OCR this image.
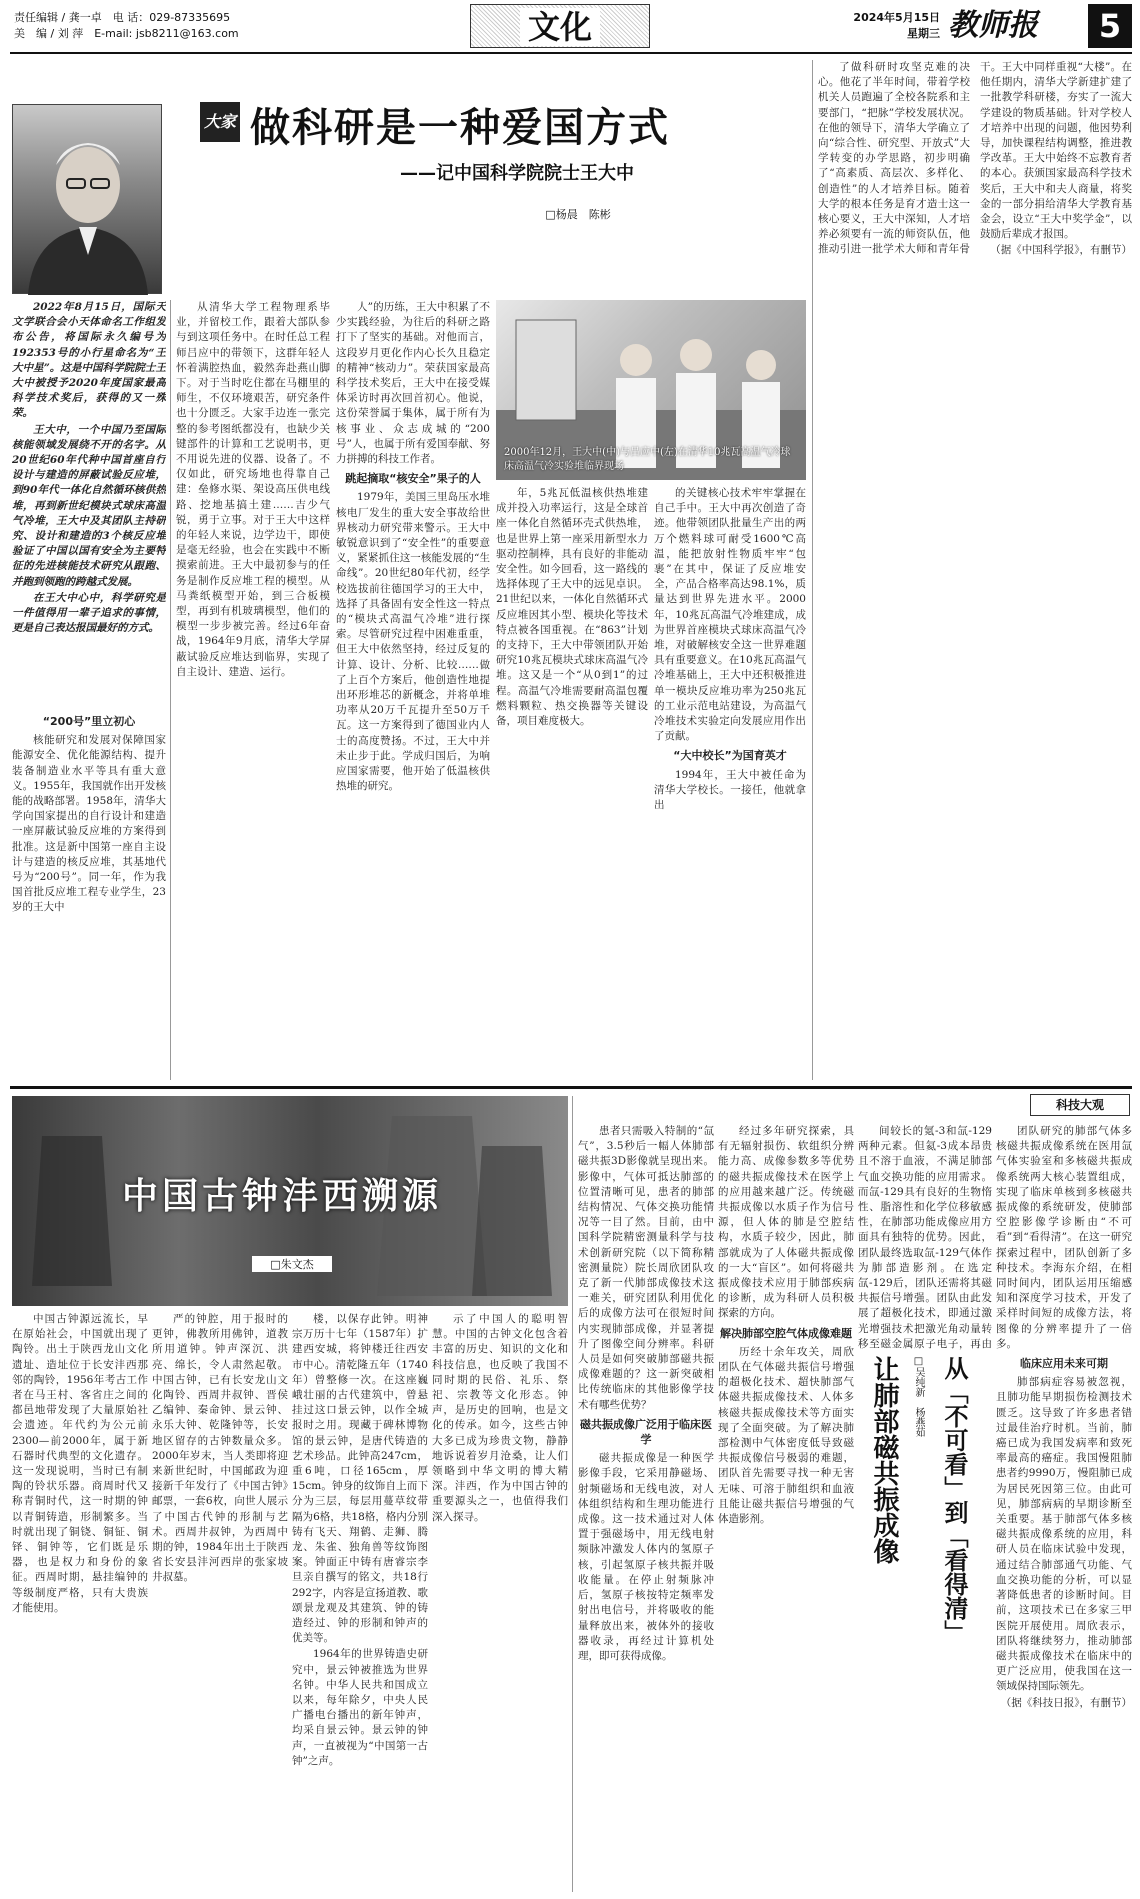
责任编辑 / 龚一卓　电 话：029-87335695
美　编 / 刘 萍　E-mail: jsb8211@163.com	文化	2024年5月15日
星期三 教师报	5
大家 做科研是一种爱国方式
——记中国科学院院士王大中
□杨晨　陈彬

2022年8月15日，国际天文学联合会小天体命名工作组发布公告，将国际永久编号为192353号的小行星命名为“王大中星”。这是中国科学院院士王大中被授予2020年度国家最高科学技术奖后，获得的又一殊荣。

王大中，一个中国乃至国际核能领域发展绕不开的名字。从20世纪60年代种中国首座自行设计与建造的屏蔽试验反应堆，到90年代一体化自然循环核供热堆，再到新世纪模块式球床高温气冷堆，王大中及其团队主持研究、设计和建造的3个核反应堆验证了中国以国有安全为主要特征的先进核能技术研究从跟跑、并跑到领跑的跨越式发展。

在王大中心中，科学研究是一件值得用一辈子追求的事情，更是自己表达报国最好的方式。

“200号”里立初心

核能研究和发展对保障国家能源安全、优化能源结构、提升装备制造业水平等具有重大意义。1955年，我国就作出开发核能的战略部署。1958年，清华大学向国家提出的自行设计和建造一座屏蔽试验反应堆的方案得到批准。这是新中国第一座自主设计与建造的核反应堆，其基地代号为“200号”。同一年，作为我国首批反应堆工程专业学生，23岁的王大中

从清华大学工程物理系毕业，并留校工作，跟着大部队参与到这项任务中。在时任总工程师吕应中的带领下，这群年轻人怀着满腔热血，毅然奔赴燕山脚下。对于当时吃住都在马棚里的师生，不仅环境艰苦，研究条件也十分匮乏。大家手边连一张完整的参考图纸都没有，也缺少关键部件的计算和工艺说明书，更不用说先进的仪器、设备了。不仅如此，研究场地也得靠自己建：垒修水渠、架设高压供电线路、挖地基搞土建……吉少气锐，勇于立事。对于王大中这样的年轻人来说，边学边干，即使是毫无经验，也会在实践中不断摸索前进。王大中最初参与的任务是制作反应堆工程的模型。从马粪纸模型开始，到三合板模型，再到有机玻璃模型，他们的模型一步步被完善。经过6年奋战，1964年9月底，清华大学屏蔽试验反应堆达到临界，实现了自主设计、建造、运行。

人”的历练，王大中积累了不少实践经验，为往后的科研之路打下了坚实的基础。对他而言，这段岁月更化作内心长久且稳定的精神“核动力”。荣获国家最高科学技术奖后，王大中在接受媒体采访时再次回首初心。他说，这份荣誉属于集体，属于所有为核事业、众志成城的“200号”人，也属于所有爱国奉献、努力拼搏的科技工作者。

跳起摘取“核安全”果子的人

1979年，美国三里岛压水堆核电厂发生的重大安全事故给世界核动力研究带来警示。王大中敏锐意识到了“安全性”的重要意义，紧紧抓住这一核能发展的“生命线”。20世纪80年代初，经学校选拔前往德国学习的王大中，选择了具备固有安全性这一特点的“模块式高温气冷堆”进行探索。尽管研究过程中困难重重，但王大中依然坚持，经过反复的计算、设计、分析、比较……做了上百个方案后，他创造性地提出环形堆芯的新概念，并将单堆功率从20万千瓦提升至50万千瓦。这一方案得到了德国业内人士的高度赞扬。不过，王大中并未止步于此。学成归国后，为响应国家需要，他开始了低温核供热堆的研究。

2000年12月，王大中(中)与吕应中(左)在清华10兆瓦高温气冷球床高温气冷实验堆临界现场

年，5兆瓦低温核供热堆建成并投入功率运行，这是全球首座一体化自然循环壳式供热堆，也是世界上第一座采用新型水力驱动控制棒，具有良好的非能动安全性。如今回看，这一路线的选择体现了王大中的远见卓识。21世纪以来，一体化自然循环式反应堆因其小型、模块化等技术特点被各国重视。在“863”计划的支持下，王大中带领团队开始研究10兆瓦模块式球床高温气冷堆。这又是一个“从0到1”的过程。高温气冷堆需要耐高温包覆燃料颗粒、热交换器等关键设备，项目难度极大。

的关键核心技术牢牢掌握在自己手中。王大中再次创造了奇迹。他带领团队批量生产出的两万个燃料球可耐受1600℃高温，能把放射性物质牢牢“包裹”在其中，保证了反应堆安全，产品合格率高达98.1%，质量达到世界先进水平。2000年，10兆瓦高温气冷堆建成，成为世界首座模块式球床高温气冷堆，对破解核安全这一世界难题具有重要意义。在10兆瓦高温气冷堆基础上，王大中还积极推进单一模块反应堆功率为250兆瓦的工业示范电站建设，为高温气冷堆技术实验定向发展应用作出了贡献。

“大中校长”为国育英才

1994年，王大中被任命为清华大学校长。一接任，他就拿出

了做科研时攻坚克难的决心。他花了半年时间，带着学校机关人员跑遍了全校各院系和主要部门，“把脉”学校发展状况。在他的领导下，清华大学确立了向“综合性、研究型、开放式”大学转变的办学思路，初步明确了“高素质、高层次、多样化、创造性”的人才培养目标。随着大学的根本任务是育才造士这一核心要义，王大中深知，人才培养必须要有一流的师资队伍，他推动引进一批学术大师和青年骨干。王大中同样重视“大楼”。在他任期内，清华大学新建扩建了一批教学科研楼，夯实了一流大学建设的物质基础。针对学校人才培养中出现的问题，他因势利导，加快课程结构调整，推进教学改革。王大中始终不忘教育者的本心。获颁国家最高科学技术奖后，王大中和夫人商量，将奖金的一部分捐给清华大学教育基金会，设立“王大中奖学金”，以鼓励后辈成才报国。

（据《中国科学报》，有删节）

中国古钟沣西溯源
□朱文杰

中国古钟源远流长，早在原始社会，中国就出现了陶铃。出土于陕西龙山文化遗址、造址位于长安沣西那邻的陶铃，1956年考古工作者在马王村、客省庄之间的都邑地带发现了大量原始社会遗迹。年代约为公元前2300—前2000年，属于新石器时代典型的文化遗存。这一发现说明，当时已有制陶的铃状乐器。商周时代又称青铜时代，这一时期的钟以青铜铸造，形制繁多。当时就出现了铜铙、铜钲、铜铎、铜钟等，它们既是乐器，也是权力和身份的象征。西周时期，悬挂编钟的等级制度严格，只有大贵族才能使用。

严的钟腔，用于报时的更钟，佛教所用佛钟，道教所用道钟。钟声深沉、洪亮、绵长，令人肃然起敬。中国古钟，已有长安龙山文化陶铃、西周井叔钟、晋侯乙编钟、秦命钟、景云钟、永乐大钟、乾隆钟等，长安地区留存的古钟数量众多。2000年岁末，当人类即将迎来新世纪时，中国邮政为迎接新千年发行了《中国古钟》邮票，一套6枚，向世人展示了中国古代钟的形制与艺术。西周井叔钟，为西周中期的钟，1984年出土于陕西省长安县沣河西岸的张家坡井叔墓。

楼，以保存此钟。明神宗万历十七年（1587年）扩建西安城，将钟楼迁往西安市中心。清乾隆五年（1740年）曾整修一次。在这座巍峨壮丽的古代建筑中，曾悬挂过这口景云钟，以作全城报时之用。现藏于碑林博物馆的景云钟，是唐代铸造的艺术珍品。此钟高247cm，重6吨，口径165cm，厚15cm。钟身的纹饰自上而下分为三层，每层用蔓草纹带隔为6格，共18格，格内分别铸有飞天、翔鹤、走狮、腾龙、朱雀、独角兽等纹饰图案。钟面正中铸有唐睿宗李旦亲自撰写的铭文，共18行292字，内容是宣扬道教、歌颂景龙观及其建筑、钟的铸造经过、钟的形制和钟声的优美等。

1964年的世界铸造史研究中，景云钟被推选为世界名钟。中华人民共和国成立以来，每年除夕，中央人民广播电台播出的新年钟声，均采自景云钟。景云钟的钟声，一直被视为“中国第一古钟”之声。

示了中国人的聪明智慧。中国的古钟文化包含着丰富的历史、知识的文化和科技信息，也反映了我国不同时期的民俗、礼乐、祭祀、宗教等文化形态。钟声，是历史的回响，也是文化的传承。如今，这些古钟大多已成为珍贵文物，静静地诉说着岁月沧桑，让人们领略到中华文明的博大精深。沣西，作为中国古钟的重要源头之一，也值得我们深入探寻。

科技大观

患者只需吸入特制的“氙气”，3.5秒后一幅人体肺部磁共振3D影像就呈现出来。影像中，气体可抵达肺部的位置清晰可见，患者的肺部结构情况、气体交换功能情况等一目了然。目前，由中国科学院精密测量科学与技术创新研究院（以下简称精密测量院）院长周欣团队攻克了新一代肺部成像技术这一难关，研究团队利用优化后的成像方法可在很短时间内实现肺部成像，并显著提升了图像空间分辨率。科研人员是如何突破肺部磁共振成像难题的？这一新突破相比传统临床的其他影像学技术有哪些优势？

磁共振成像广泛用于临床医学

磁共振成像是一种医学影像手段，它采用静磁场、射频磁场和无线电波，对人体组织结构和生理功能进行成像。这一技术通过对人体置于强磁场中，用无线电射频脉冲激发人体内的氢原子核，引起氢原子核共振并吸收能量。在停止射频脉冲后，氢原子核按特定频率发射出电信号，并将吸收的能量释放出来，被体外的接收器收录，再经过计算机处理，即可获得成像。

经过多年研究探索，具有无辐射损伤、软组织分辨能力高、成像参数多等优势的磁共振成像技术在医学上的应用越来越广泛。传统磁共振成像以水质子作为信号源，但人体的肺是空腔结构，水质子较少，因此，肺部就成为了人体磁共振成像的一大“盲区”。如何将磁共振成像技术应用于肺部疾病的诊断，成为科研人员积极探索的方向。

解决肺部空腔气体成像难题

历经十余年攻关，周欣团队在气体磁共振信号增强的超极化技术、超快肺部气体磁共振成像技术、人体多核磁共振成像技术等方面实现了全面突破。为了解决肺部检测中气体密度低导致磁共振成像信号极弱的难题，团队首先需要寻找一种无害无味、可溶于肺组织和血液且能让磁共振信号增强的气体造影剂。

间较长的氪-3和氙-129两种元素。但氦-3成本昂贵且不溶于血液，不满足肺部气血交换功能的应用需求。而氙-129具有良好的生物惰性、脂溶性和化学位移敏感性，在肺部功能成像应用方面具有独特的优势。因此，团队最终选取氙-129气体作为肺部造影剂。在选定氙-129后，团队还需将其磁共振信号增强。团队由此发展了超极化技术，即通过激光增强技术把激光角动量转移至磁金属原子电子，再由

团队研究的肺部气体多核磁共振成像系统在医用氙气体实验室和多核磁共振成像系统两大核心装置组成，实现了临床单核到多核磁共振成像的系统研发，使肺部空腔影像学诊断由“不可看”到“看得清”。在这一研究探索过程中，团队创新了多种技术。李海东介绍，在相同时间内，团队运用压缩感知和深度学习技术，开发了采样时间短的成像方法，将图像的分辨率提升了一倍多。

临床应用未来可期

肺部病症容易被忽视，且肺功能早期损伤检测技术匮乏。这导致了许多患者错过最佳治疗时机。当前，肺癌已成为我国发病率和致死率最高的癌症。我国慢阻肺患者约9990万，慢阻肺已成为居民死因第三位。由此可见，肺部病病的早期诊断至关重要。基于肺部气体多核磁共振成像系统的应用，科研人员在临床试验中发现，通过结合肺部通气功能、气血交换功能的分析，可以显著降低患者的诊断时间。目前，这项技术已在多家三甲医院开展使用。周欣表示，团队将继续努力，推动肺部磁共振成像技术在临床中的更广泛应用，使我国在这一领域保持国际领先。

（据《科技日报》，有删节）

让肺部磁共振成像	□吴纯新　杨燕茹 从「不可看」到「看得清」
